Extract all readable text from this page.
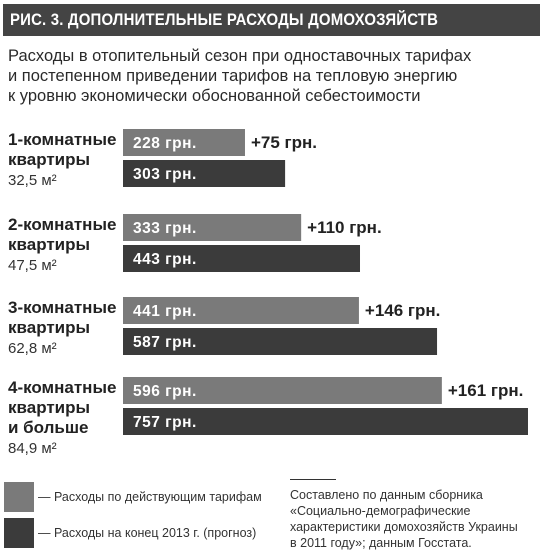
РИС. 3. ДОПОЛНИТЕЛЬНЫЕ РАСХОДЫ ДОМОХОЗЯЙСТВ
Расходы в отопительный сезон при одноставочных тарифах
и постепенном приведении тарифов на тепловую энергию
к уровню экономически обоснованной себестоимости
1-комнатные
квартиры
32,5 м²
228 грн.
303 грн.
+75 грн.
2-комнатные
квартиры
47,5 м²
333 грн.
443 грн.
+110 грн.
3-комнатные
квартиры
62,8 м²
441 грн.
587 грн.
+146 грн.
4-комнатные
квартиры
и больше
84,9 м²
596 грн.
757 грн.
+161 грн.
— Расходы по действующим тарифам
— Расходы на конец 2013 г. (прогноз)
Составлено по данным сборника
«Социально-демографические
характеристики домохозяйств Украины
в 2011 году»; данным Госстата.
